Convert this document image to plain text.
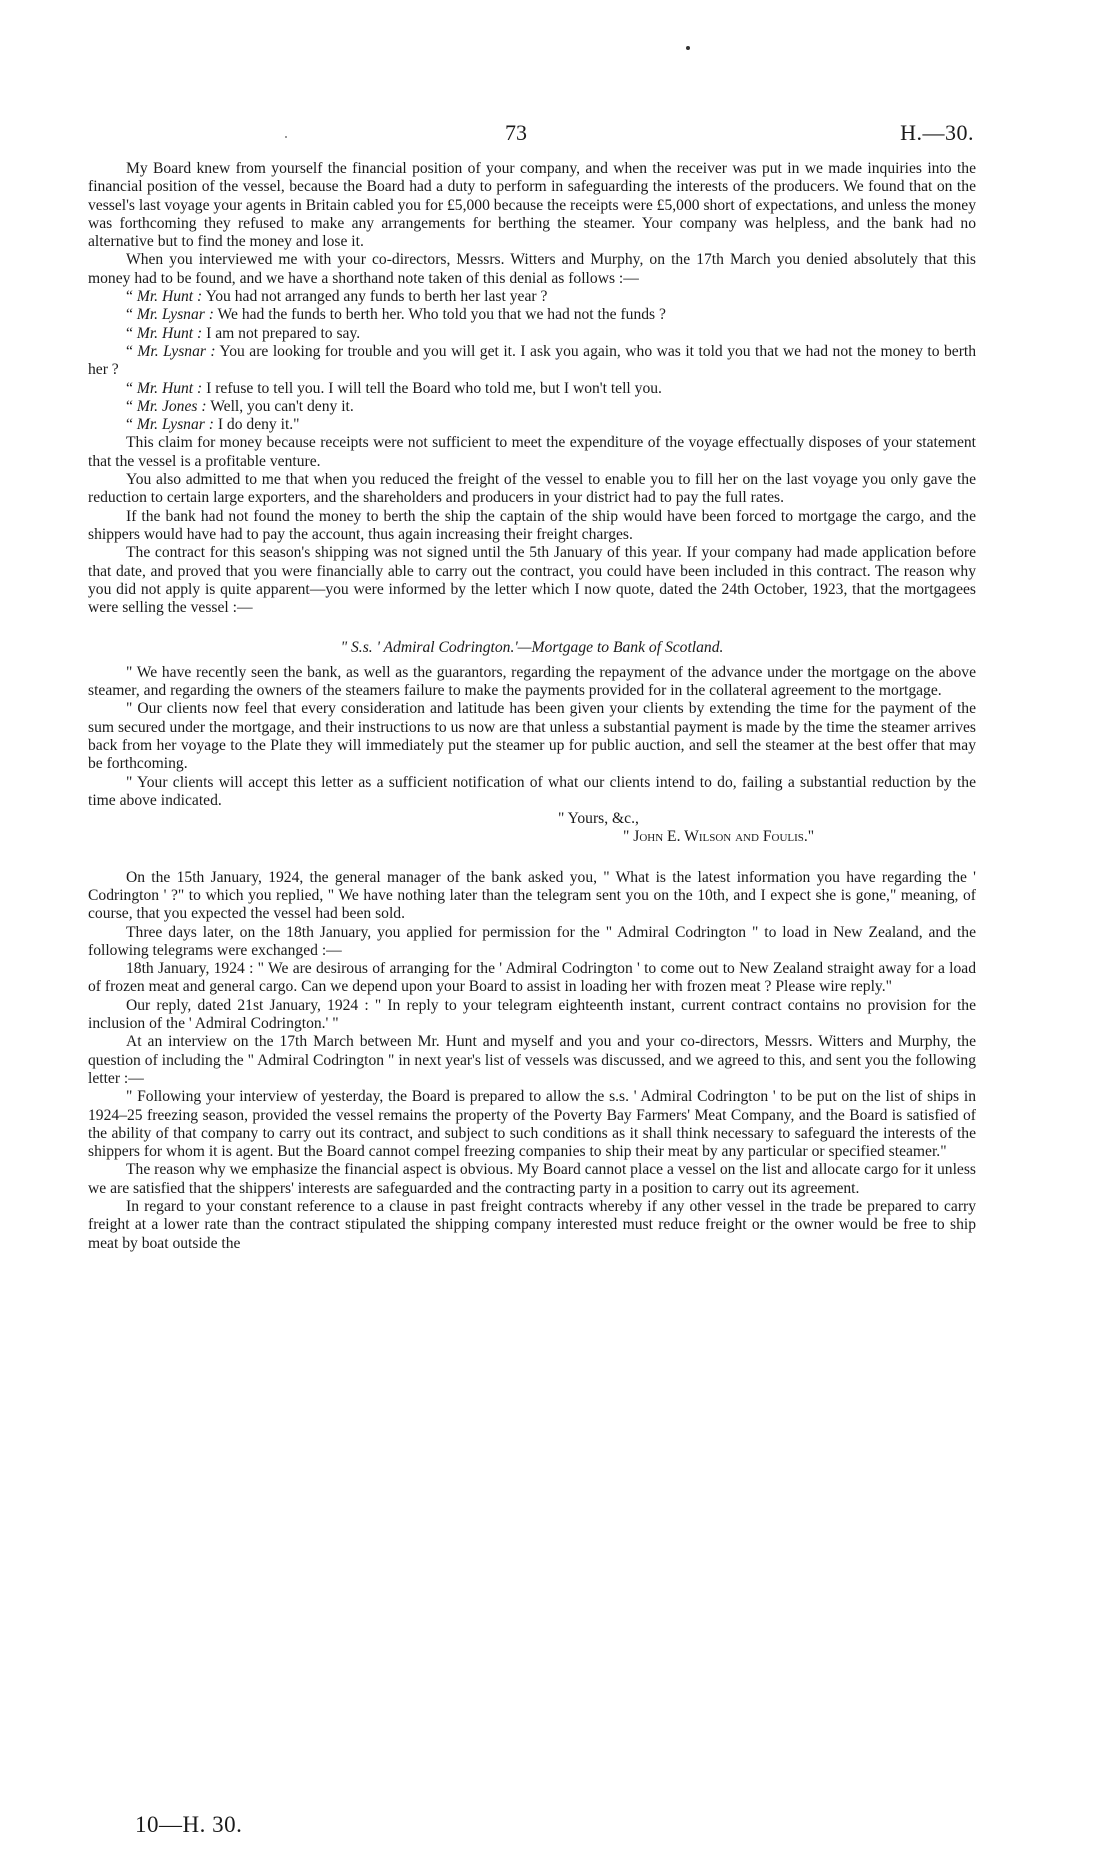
73	H.—30.

My Board knew from yourself the financial position of your company, and when the receiver was put in we made inquiries into the financial position of the vessel, because the Board had a duty to perform in safeguarding the interests of the producers. We found that on the vessel's last voyage your agents in Britain cabled you for £5,000 because the receipts were £5,000 short of expectations, and unless the money was forthcoming they refused to make any arrangements for berthing the steamer. Your company was helpless, and the bank had no alternative but to find the money and lose it.

When you interviewed me with your co-directors, Messrs. Witters and Murphy, on the 17th March you denied absolutely that this money had to be found, and we have a shorthand note taken of this denial as follows :—

“ Mr. Hunt : You had not arranged any funds to berth her last year ?

“ Mr. Lysnar : We had the funds to berth her. Who told you that we had not the funds ?

“ Mr. Hunt : I am not prepared to say.

“ Mr. Lysnar : You are looking for trouble and you will get it. I ask you again, who was it told you that we had not the money to berth her ?

“ Mr. Hunt : I refuse to tell you. I will tell the Board who told me, but I won't tell you.

“ Mr. Jones : Well, you can't deny it.

“ Mr. Lysnar : I do deny it."

This claim for money because receipts were not sufficient to meet the expenditure of the voyage effectually disposes of your statement that the vessel is a profitable venture.

You also admitted to me that when you reduced the freight of the vessel to enable you to fill her on the last voyage you only gave the reduction to certain large exporters, and the shareholders and producers in your district had to pay the full rates.

If the bank had not found the money to berth the ship the captain of the ship would have been forced to mortgage the cargo, and the shippers would have had to pay the account, thus again increasing their freight charges.

The contract for this season's shipping was not signed until the 5th January of this year. If your company had made application before that date, and proved that you were financially able to carry out the contract, you could have been included in this contract. The reason why you did not apply is quite apparent—you were informed by the letter which I now quote, dated the 24th October, 1923, that the mortgagees were selling the vessel :—

" S.s. ' Admiral Codrington.'—Mortgage to Bank of Scotland.

" We have recently seen the bank, as well as the guarantors, regarding the repayment of the advance under the mortgage on the above steamer, and regarding the owners of the steamers failure to make the payments provided for in the collateral agreement to the mortgage.

" Our clients now feel that every consideration and latitude has been given your clients by extending the time for the payment of the sum secured under the mortgage, and their instructions to us now are that unless a substantial payment is made by the time the steamer arrives back from her voyage to the Plate they will immediately put the steamer up for public auction, and sell the steamer at the best offer that may be forthcoming.

" Your clients will accept this letter as a sufficient notification of what our clients intend to do, failing a substantial reduction by the time above indicated.

" Yours, &c.,

" John E. Wilson and Foulis."

On the 15th January, 1924, the general manager of the bank asked you, " What is the latest information you have regarding the ' Codrington ' ?" to which you replied, " We have nothing later than the telegram sent you on the 10th, and I expect she is gone," meaning, of course, that you expected the vessel had been sold.

Three days later, on the 18th January, you applied for permission for the " Admiral Codrington " to load in New Zealand, and the following telegrams were exchanged :—

18th January, 1924 : " We are desirous of arranging for the ' Admiral Codrington ' to come out to New Zealand straight away for a load of frozen meat and general cargo. Can we depend upon your Board to assist in loading her with frozen meat ? Please wire reply."

Our reply, dated 21st January, 1924 : " In reply to your telegram eighteenth instant, current contract contains no provision for the inclusion of the ' Admiral Codrington.' "

At an interview on the 17th March between Mr. Hunt and myself and you and your co-directors, Messrs. Witters and Murphy, the question of including the " Admiral Codrington " in next year's list of vessels was discussed, and we agreed to this, and sent you the following letter :—

" Following your interview of yesterday, the Board is prepared to allow the s.s. ' Admiral Codrington ' to be put on the list of ships in 1924–25 freezing season, provided the vessel remains the property of the Poverty Bay Farmers' Meat Company, and the Board is satisfied of the ability of that company to carry out its contract, and subject to such conditions as it shall think necessary to safeguard the interests of the shippers for whom it is agent. But the Board cannot compel freezing companies to ship their meat by any particular or specified steamer."

The reason why we emphasize the financial aspect is obvious. My Board cannot place a vessel on the list and allocate cargo for it unless we are satisfied that the shippers' interests are safeguarded and the contracting party in a position to carry out its agreement.

In regard to your constant reference to a clause in past freight contracts whereby if any other vessel in the trade be prepared to carry freight at a lower rate than the contract stipulated the shipping company interested must reduce freight or the owner would be free to ship meat by boat outside the

10—H. 30.
